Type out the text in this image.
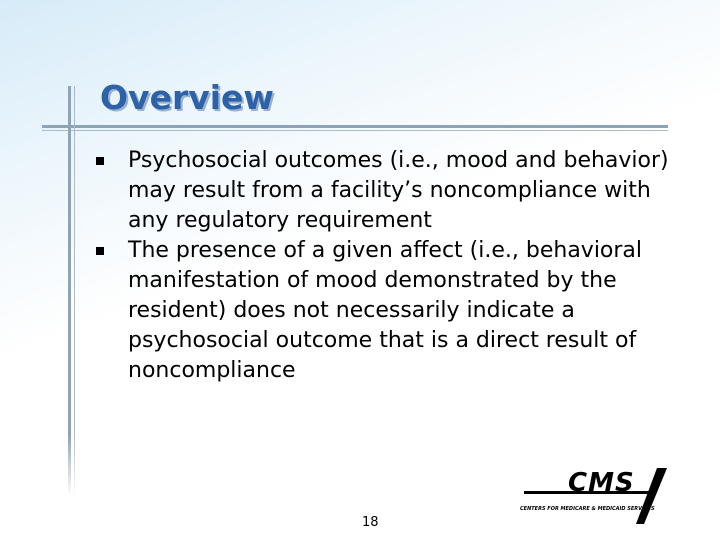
Overview
Psychosocial outcomes (i.e., mood and behavior) may result from a facility’s noncompliance with any regulatory requirement
The presence of a given affect (i.e., behavioral manifestation of mood demonstrated by the resident) does not necessarily indicate a psychosocial outcome that is a direct result of noncompliance
CMS
CENTERS FOR MEDICARE & MEDICAID SERVICES
18
